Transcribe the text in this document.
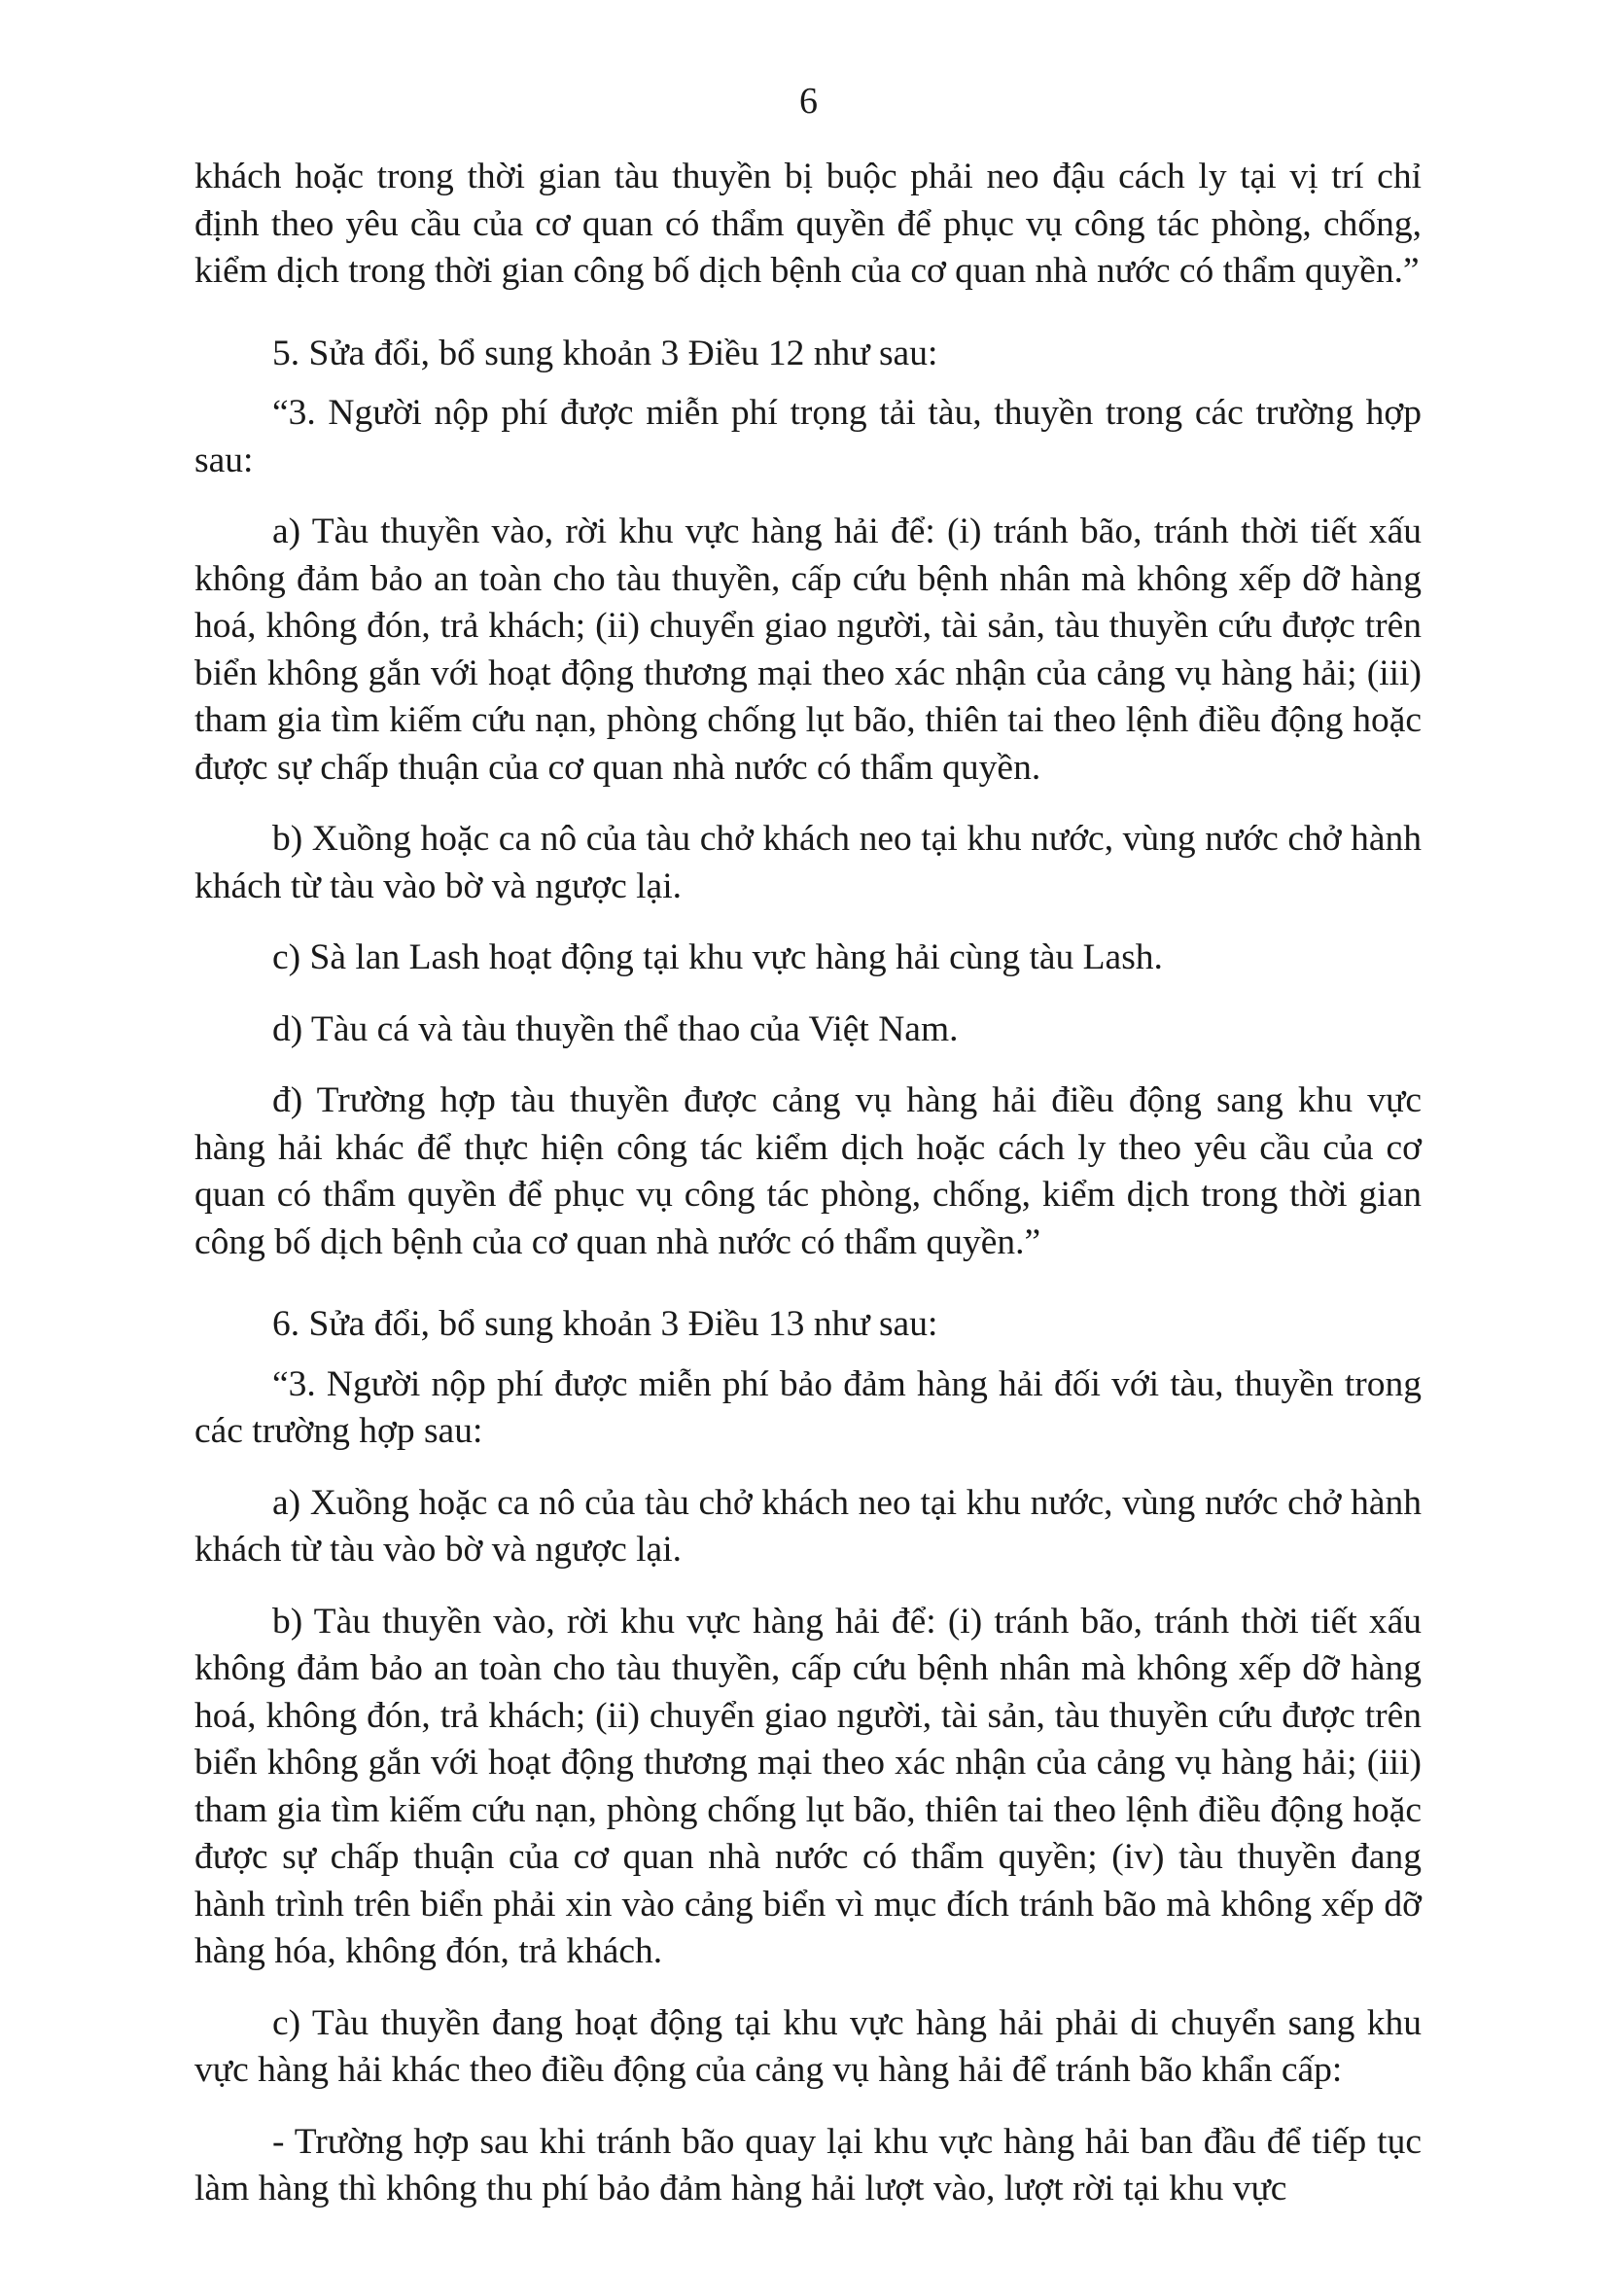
6

khách hoặc trong thời gian tàu thuyền bị buộc phải neo đậu cách ly tại vị trí chỉ định theo yêu cầu của cơ quan có thẩm quyền để phục vụ công tác phòng, chống, kiểm dịch trong thời gian công bố dịch bệnh của cơ quan nhà nước có thẩm quyền.”

5. Sửa đổi, bổ sung khoản 3 Điều 12 như sau:

“3. Người nộp phí được miễn phí trọng tải tàu, thuyền trong các trường hợp sau:

a) Tàu thuyền vào, rời khu vực hàng hải để: (i) tránh bão, tránh thời tiết xấu không đảm bảo an toàn cho tàu thuyền, cấp cứu bệnh nhân mà không xếp dỡ hàng hoá, không đón, trả khách; (ii) chuyển giao người, tài sản, tàu thuyền cứu được trên biển không gắn với hoạt động thương mại theo xác nhận của cảng vụ hàng hải; (iii) tham gia tìm kiếm cứu nạn, phòng chống lụt bão, thiên tai theo lệnh điều động hoặc được sự chấp thuận của cơ quan nhà nước có thẩm quyền.

b) Xuồng hoặc ca nô của tàu chở khách neo tại khu nước, vùng nước chở hành khách từ tàu vào bờ và ngược lại.

c) Sà lan Lash hoạt động tại khu vực hàng hải cùng tàu Lash.

d) Tàu cá và tàu thuyền thể thao của Việt Nam.

đ) Trường hợp tàu thuyền được cảng vụ hàng hải điều động sang khu vực hàng hải khác để thực hiện công tác kiểm dịch hoặc cách ly theo yêu cầu của cơ quan có thẩm quyền để phục vụ công tác phòng, chống, kiểm dịch trong thời gian công bố dịch bệnh của cơ quan nhà nước có thẩm quyền.”

6. Sửa đổi, bổ sung khoản 3 Điều 13 như sau:

“3. Người nộp phí được miễn phí bảo đảm hàng hải đối với tàu, thuyền trong các trường hợp sau:

a) Xuồng hoặc ca nô của tàu chở khách neo tại khu nước, vùng nước chở hành khách từ tàu vào bờ và ngược lại.

b) Tàu thuyền vào, rời khu vực hàng hải để: (i) tránh bão, tránh thời tiết xấu không đảm bảo an toàn cho tàu thuyền, cấp cứu bệnh nhân mà không xếp dỡ hàng hoá, không đón, trả khách; (ii) chuyển giao người, tài sản, tàu thuyền cứu được trên biển không gắn với hoạt động thương mại theo xác nhận của cảng vụ hàng hải; (iii) tham gia tìm kiếm cứu nạn, phòng chống lụt bão, thiên tai theo lệnh điều động hoặc được sự chấp thuận của cơ quan nhà nước có thẩm quyền; (iv) tàu thuyền đang hành trình trên biển phải xin vào cảng biển vì mục đích tránh bão mà không xếp dỡ hàng hóa, không đón, trả khách.

c) Tàu thuyền đang hoạt động tại khu vực hàng hải phải di chuyển sang khu vực hàng hải khác theo điều động của cảng vụ hàng hải để tránh bão khẩn cấp:

- Trường hợp sau khi tránh bão quay lại khu vực hàng hải ban đầu để tiếp tục làm hàng thì không thu phí bảo đảm hàng hải lượt vào, lượt rời tại khu vực
